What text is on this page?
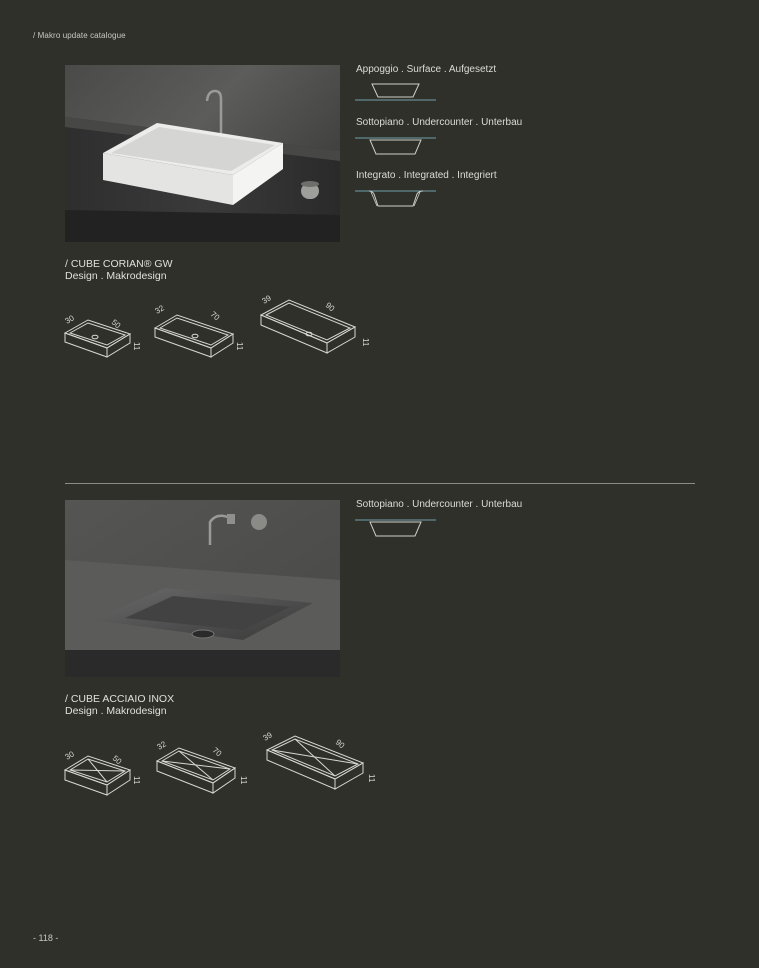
/ Makro update catalogue
Appoggio . Surface . Aufgesetzt
Sottopiano . Undercounter . Unterbau
Integrato . Integrated . Integriert
/ CUBE CORIAN® GW
Design . Makrodesign
30	50
11
32
70
11
39
90
11
Sottopiano . Undercounter . Unterbau
/ CUBE ACCIAIO INOX
Design . Makrodesign
30	50
11
32
70
11
39
90
11
- 118 -
